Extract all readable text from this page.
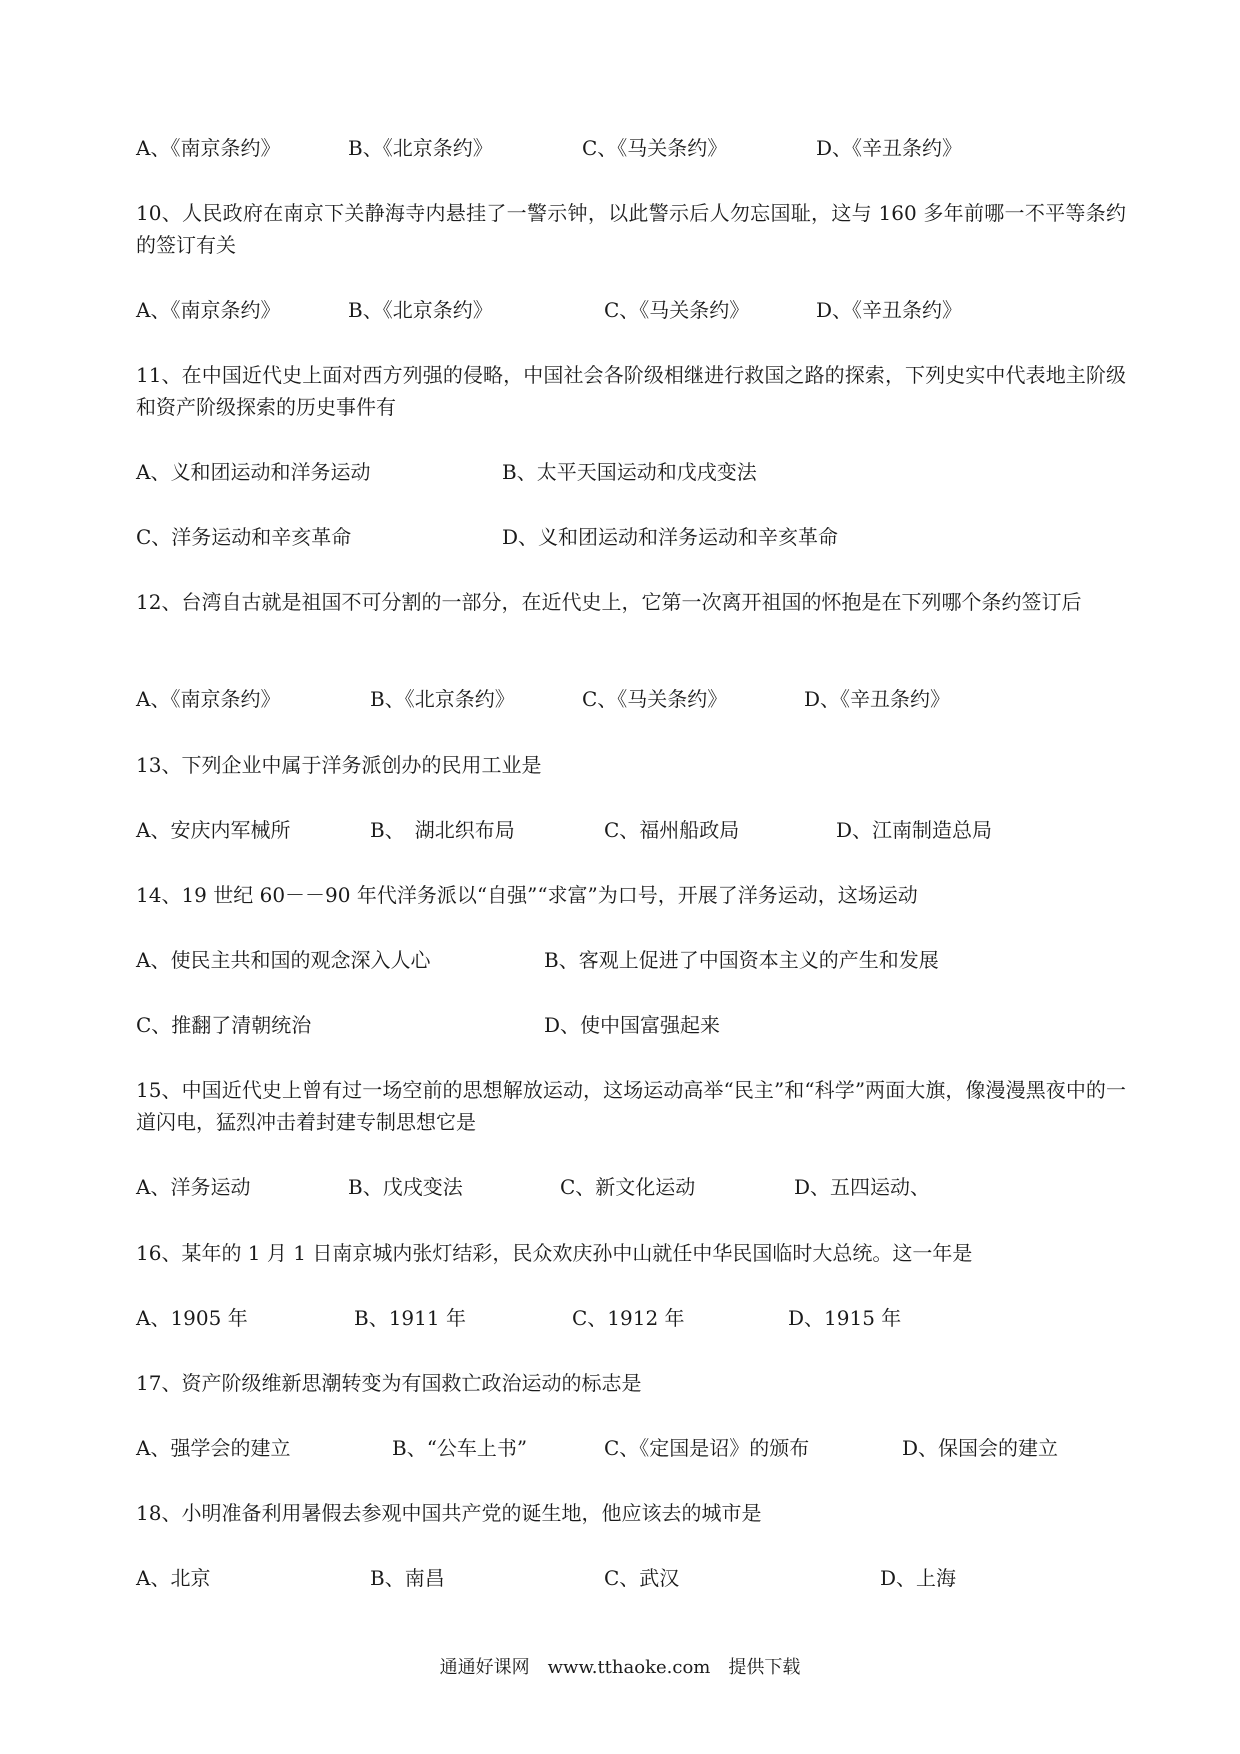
A、《南京条约》	B、《北京条约》	C、《马关条约》	D、《辛丑条约》
10、人民政府在南京下关静海寺内悬挂了一警示钟，以此警示后人勿忘国耻，这与 160 多年前哪一不平等条约的签订有关
A、《南京条约》	B、《北京条约》	C、《马关条约》	D、《辛丑条约》
11、在中国近代史上面对西方列强的侵略，中国社会各阶级相继进行救国之路的探索，下列史实中代表地主阶级和资产阶级探索的历史事件有
A、义和团运动和洋务运动	B、太平天国运动和戊戌变法
C、洋务运动和辛亥革命	D、义和团运动和洋务运动和辛亥革命
12、台湾自古就是祖国不可分割的一部分，在近代史上，它第一次离开祖国的怀抱是在下列哪个条约签订后
A、《南京条约》	B、《北京条约》	C、《马关条约》	D、《辛丑条约》
13、下列企业中属于洋务派创办的民用工业是
A、安庆内军械所	B、　湖北织布局	C、福州船政局	D、江南制造总局
14、19 世纪 60－－90 年代洋务派以“自强”“求富”为口号，开展了洋务运动，这场运动
A、使民主共和国的观念深入人心	B、客观上促进了中国资本主义的产生和发展
C、推翻了清朝统治	D、使中国富强起来
15、中国近代史上曾有过一场空前的思想解放运动，这场运动高举“民主”和“科学”两面大旗，像漫漫黑夜中的一道闪电，猛烈冲击着封建专制思想它是
A、洋务运动	B、戊戌变法	C、新文化运动	D、五四运动、
16、某年的 1 月 1 日南京城内张灯结彩，民众欢庆孙中山就任中华民国临时大总统。这一年是
A、1905 年	B、1911 年	C、1912 年	D、1915 年
17、资产阶级维新思潮转变为有国救亡政治运动的标志是
A、强学会的建立	B、“公车上书”	C、《定国是诏》的颁布	D、保国会的建立
18、小明准备利用暑假去参观中国共产党的诞生地，他应该去的城市是
A、北京	B、南昌	C、武汉	D、上海
通通好课网　www.tthaoke.com　提供下载
